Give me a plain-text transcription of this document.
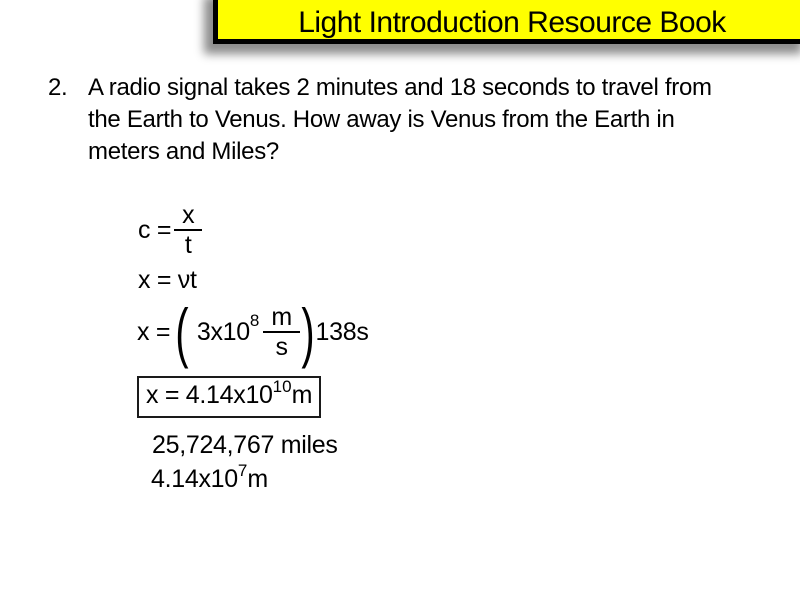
Light Introduction Resource Book
2. A radio signal takes 2 minutes and 18 seconds to travel from
the Earth to Venus. How away is Venus from the Earth in
meters and Miles?
$c = \frac{x}{t}$
x = νt
x = ( 3x10 $8 \frac{m}{s}$ ) 138s
$x = 4.14x10^{10}m$
25,724,767 miles
$4.14x10^7m$
